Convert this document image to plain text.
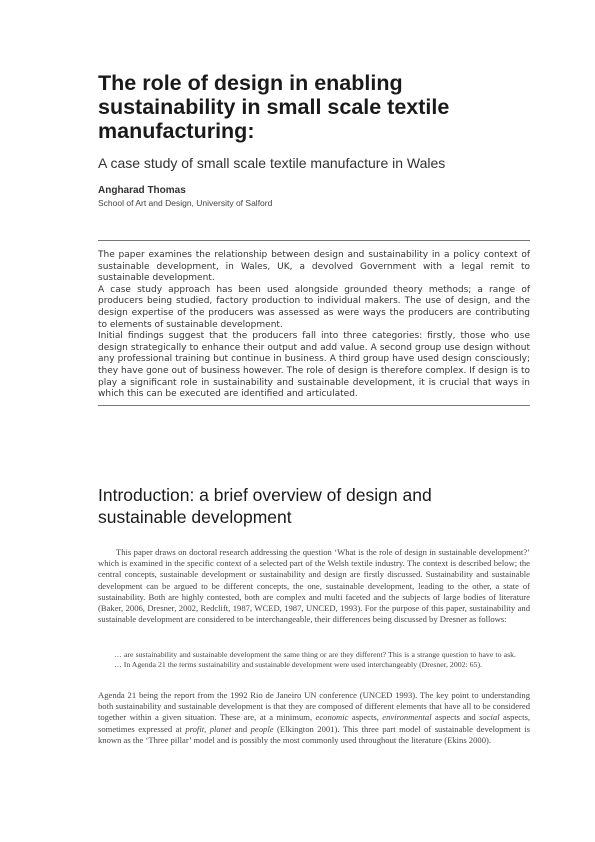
The role of design in enabling sustainability in small scale textile manufacturing:
A case study of small scale textile manufacture in Wales
Angharad Thomas
School of Art and Design, University of Salford

The paper examines the relationship between design and sustainability in a policy context of sustainable development, in Wales, UK, a devolved Government with a legal remit to sustainable development.

A case study approach has been used alongside grounded theory methods; a range of producers being studied, factory production to individual makers. The use of design, and the design expertise of the producers was assessed as were ways the producers are contributing to elements of sustainable development.

Initial findings suggest that the producers fall into three categories: firstly, those who use design strategically to enhance their output and add value. A second group use design without any professional training but continue in business. A third group have used design consciously; they have gone out of business however. The role of design is therefore complex. If design is to play a significant role in sustainability and sustainable development, it is crucial that ways in which this can be executed are identified and articulated.

Introduction: a brief overview of design and sustainable development

This paper draws on doctoral research addressing the question ‘What is the role of design in sustainable development?’ which is examined in the specific context of a selected part of the Welsh textile industry. The context is described below; the central concepts, sustainable development or sustainability and design are firstly discussed. Sustainability and sustainable development can be argued to be different concepts, the one, sustainable development, leading to the other, a state of sustainability. Both are highly contested, both are complex and multi faceted and the subjects of large bodies of literature (Baker, 2006, Dresner, 2002, Redclift, 1987, WCED, 1987, UNCED, 1993). For the purpose of this paper, sustainability and sustainable development are considered to be interchangeable, their differences being discussed by Dresner as follows:

… are sustainability and sustainable development the same thing or are they different? This is a strange question to have to ask. … In Agenda 21 the terms sustainability and sustainable development were used interchangeably (Dresner, 2002: 65).

Agenda 21 being the report from the 1992 Rio de Janeiro UN conference (UNCED 1993). The key point to understanding both sustainability and sustainable development is that they are composed of different elements that have all to be considered together within a given situation. These are, at a minimum, economic aspects, environmental aspects and social aspects, sometimes expressed at profit, planet and people (Elkington 2001). This three part model of sustainable development is known as the ‘Three pillar’ model and is possibly the most commonly used throughout the literature (Ekins 2000).
